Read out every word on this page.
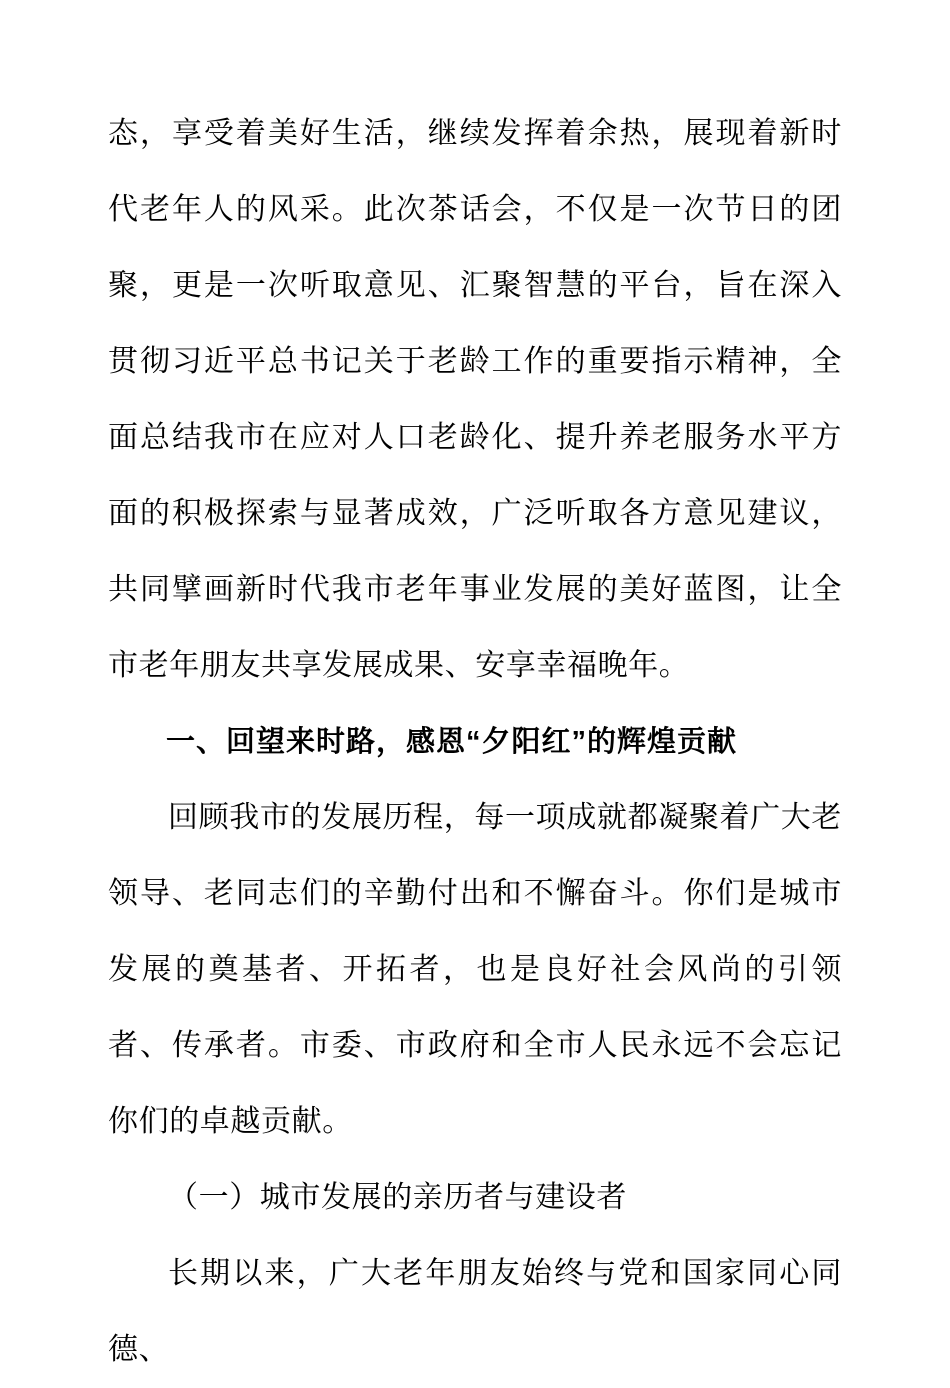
态，享受着美好生活，继续发挥着余热，展现着新时代老年人的风采。此次茶话会，不仅是一次节日的团聚，更是一次听取意见、汇聚智慧的平台，旨在深入贯彻习近平总书记关于老龄工作的重要指示精神，全面总结我市在应对人口老龄化、提升养老服务水平方面的积极探索与显著成效，广泛听取各方意见建议，共同擘画新时代我市老年事业发展的美好蓝图，让全市老年朋友共享发展成果、安享幸福晚年。

一、回望来时路，感恩“夕阳红”的辉煌贡献

回顾我市的发展历程，每一项成就都凝聚着广大老领导、老同志们的辛勤付出和不懈奋斗。你们是城市发展的奠基者、开拓者，也是良好社会风尚的引领者、传承者。市委、市政府和全市人民永远不会忘记你们的卓越贡献。

（一）城市发展的亲历者与建设者

长期以来，广大老年朋友始终与党和国家同心同德、
